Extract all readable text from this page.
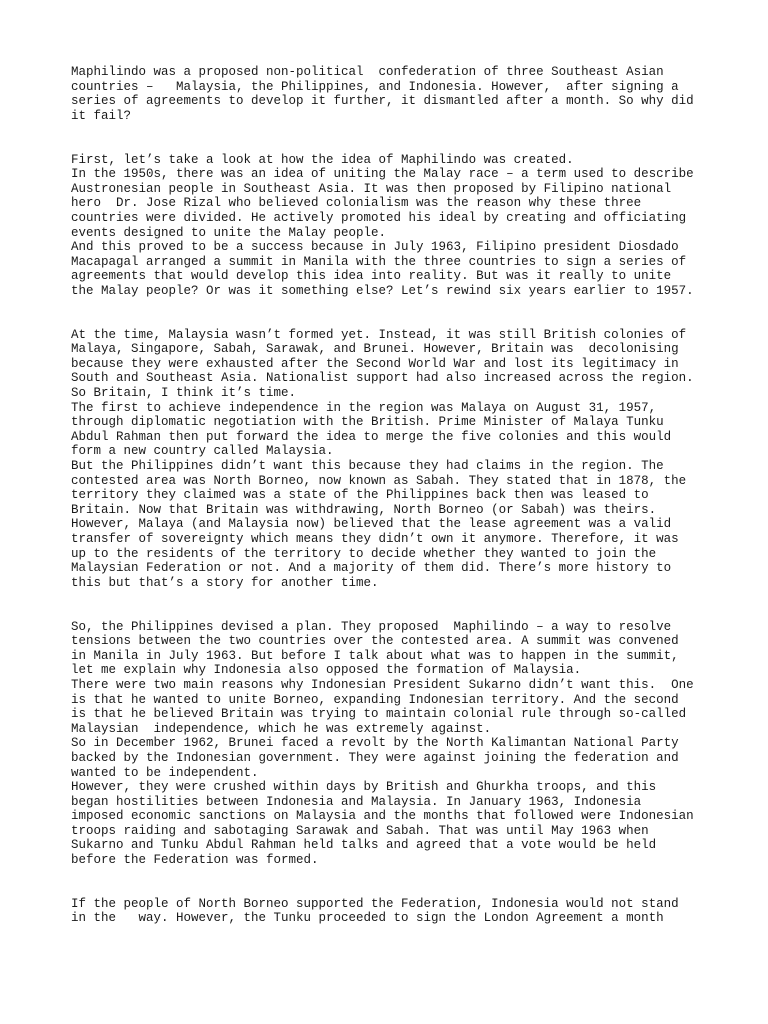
Maphilindo was a proposed non-political  confederation of three Southeast Asian
countries –   Malaysia, the Philippines, and Indonesia. However,  after signing a
series of agreements to develop it further, it dismantled after a month. So why did
it fail?

First, let’s take a look at how the idea of Maphilindo was created.
In the 1950s, there was an idea of uniting the Malay race – a term used to describe
Austronesian people in Southeast Asia. It was then proposed by Filipino national
hero  Dr. Jose Rizal who believed colonialism was the reason why these three
countries were divided. He actively promoted his ideal by creating and officiating
events designed to unite the Malay people.
And this proved to be a success because in July 1963, Filipino president Diosdado
Macapagal arranged a summit in Manila with the three countries to sign a series of
agreements that would develop this idea into reality. But was it really to unite
the Malay people? Or was it something else? Let’s rewind six years earlier to 1957.

At the time, Malaysia wasn’t formed yet. Instead, it was still British colonies of
Malaya, Singapore, Sabah, Sarawak, and Brunei. However, Britain was  decolonising
because they were exhausted after the Second World War and lost its legitimacy in
South and Southeast Asia. Nationalist support had also increased across the region.
So Britain, I think it’s time.
The first to achieve independence in the region was Malaya on August 31, 1957,
through diplomatic negotiation with the British. Prime Minister of Malaya Tunku
Abdul Rahman then put forward the idea to merge the five colonies and this would
form a new country called Malaysia.
But the Philippines didn’t want this because they had claims in the region. The
contested area was North Borneo, now known as Sabah. They stated that in 1878, the
territory they claimed was a state of the Philippines back then was leased to
Britain. Now that Britain was withdrawing, North Borneo (or Sabah) was theirs.
However, Malaya (and Malaysia now) believed that the lease agreement was a valid
transfer of sovereignty which means they didn’t own it anymore. Therefore, it was
up to the residents of the territory to decide whether they wanted to join the
Malaysian Federation or not. And a majority of them did. There’s more history to
this but that’s a story for another time.

So, the Philippines devised a plan. They proposed  Maphilindo – a way to resolve
tensions between the two countries over the contested area. A summit was convened
in Manila in July 1963. But before I talk about what was to happen in the summit,
let me explain why Indonesia also opposed the formation of Malaysia.
There were two main reasons why Indonesian President Sukarno didn’t want this.  One
is that he wanted to unite Borneo, expanding Indonesian territory. And the second
is that he believed Britain was trying to maintain colonial rule through so-called
Malaysian  independence, which he was extremely against.
So in December 1962, Brunei faced a revolt by the North Kalimantan National Party
backed by the Indonesian government. They were against joining the federation and
wanted to be independent.
However, they were crushed within days by British and Ghurkha troops, and this
began hostilities between Indonesia and Malaysia. In January 1963, Indonesia
imposed economic sanctions on Malaysia and the months that followed were Indonesian
troops raiding and sabotaging Sarawak and Sabah. That was until May 1963 when
Sukarno and Tunku Abdul Rahman held talks and agreed that a vote would be held
before the Federation was formed.

If the people of North Borneo supported the Federation, Indonesia would not stand
in the   way. However, the Tunku proceeded to sign the London Agreement a month
